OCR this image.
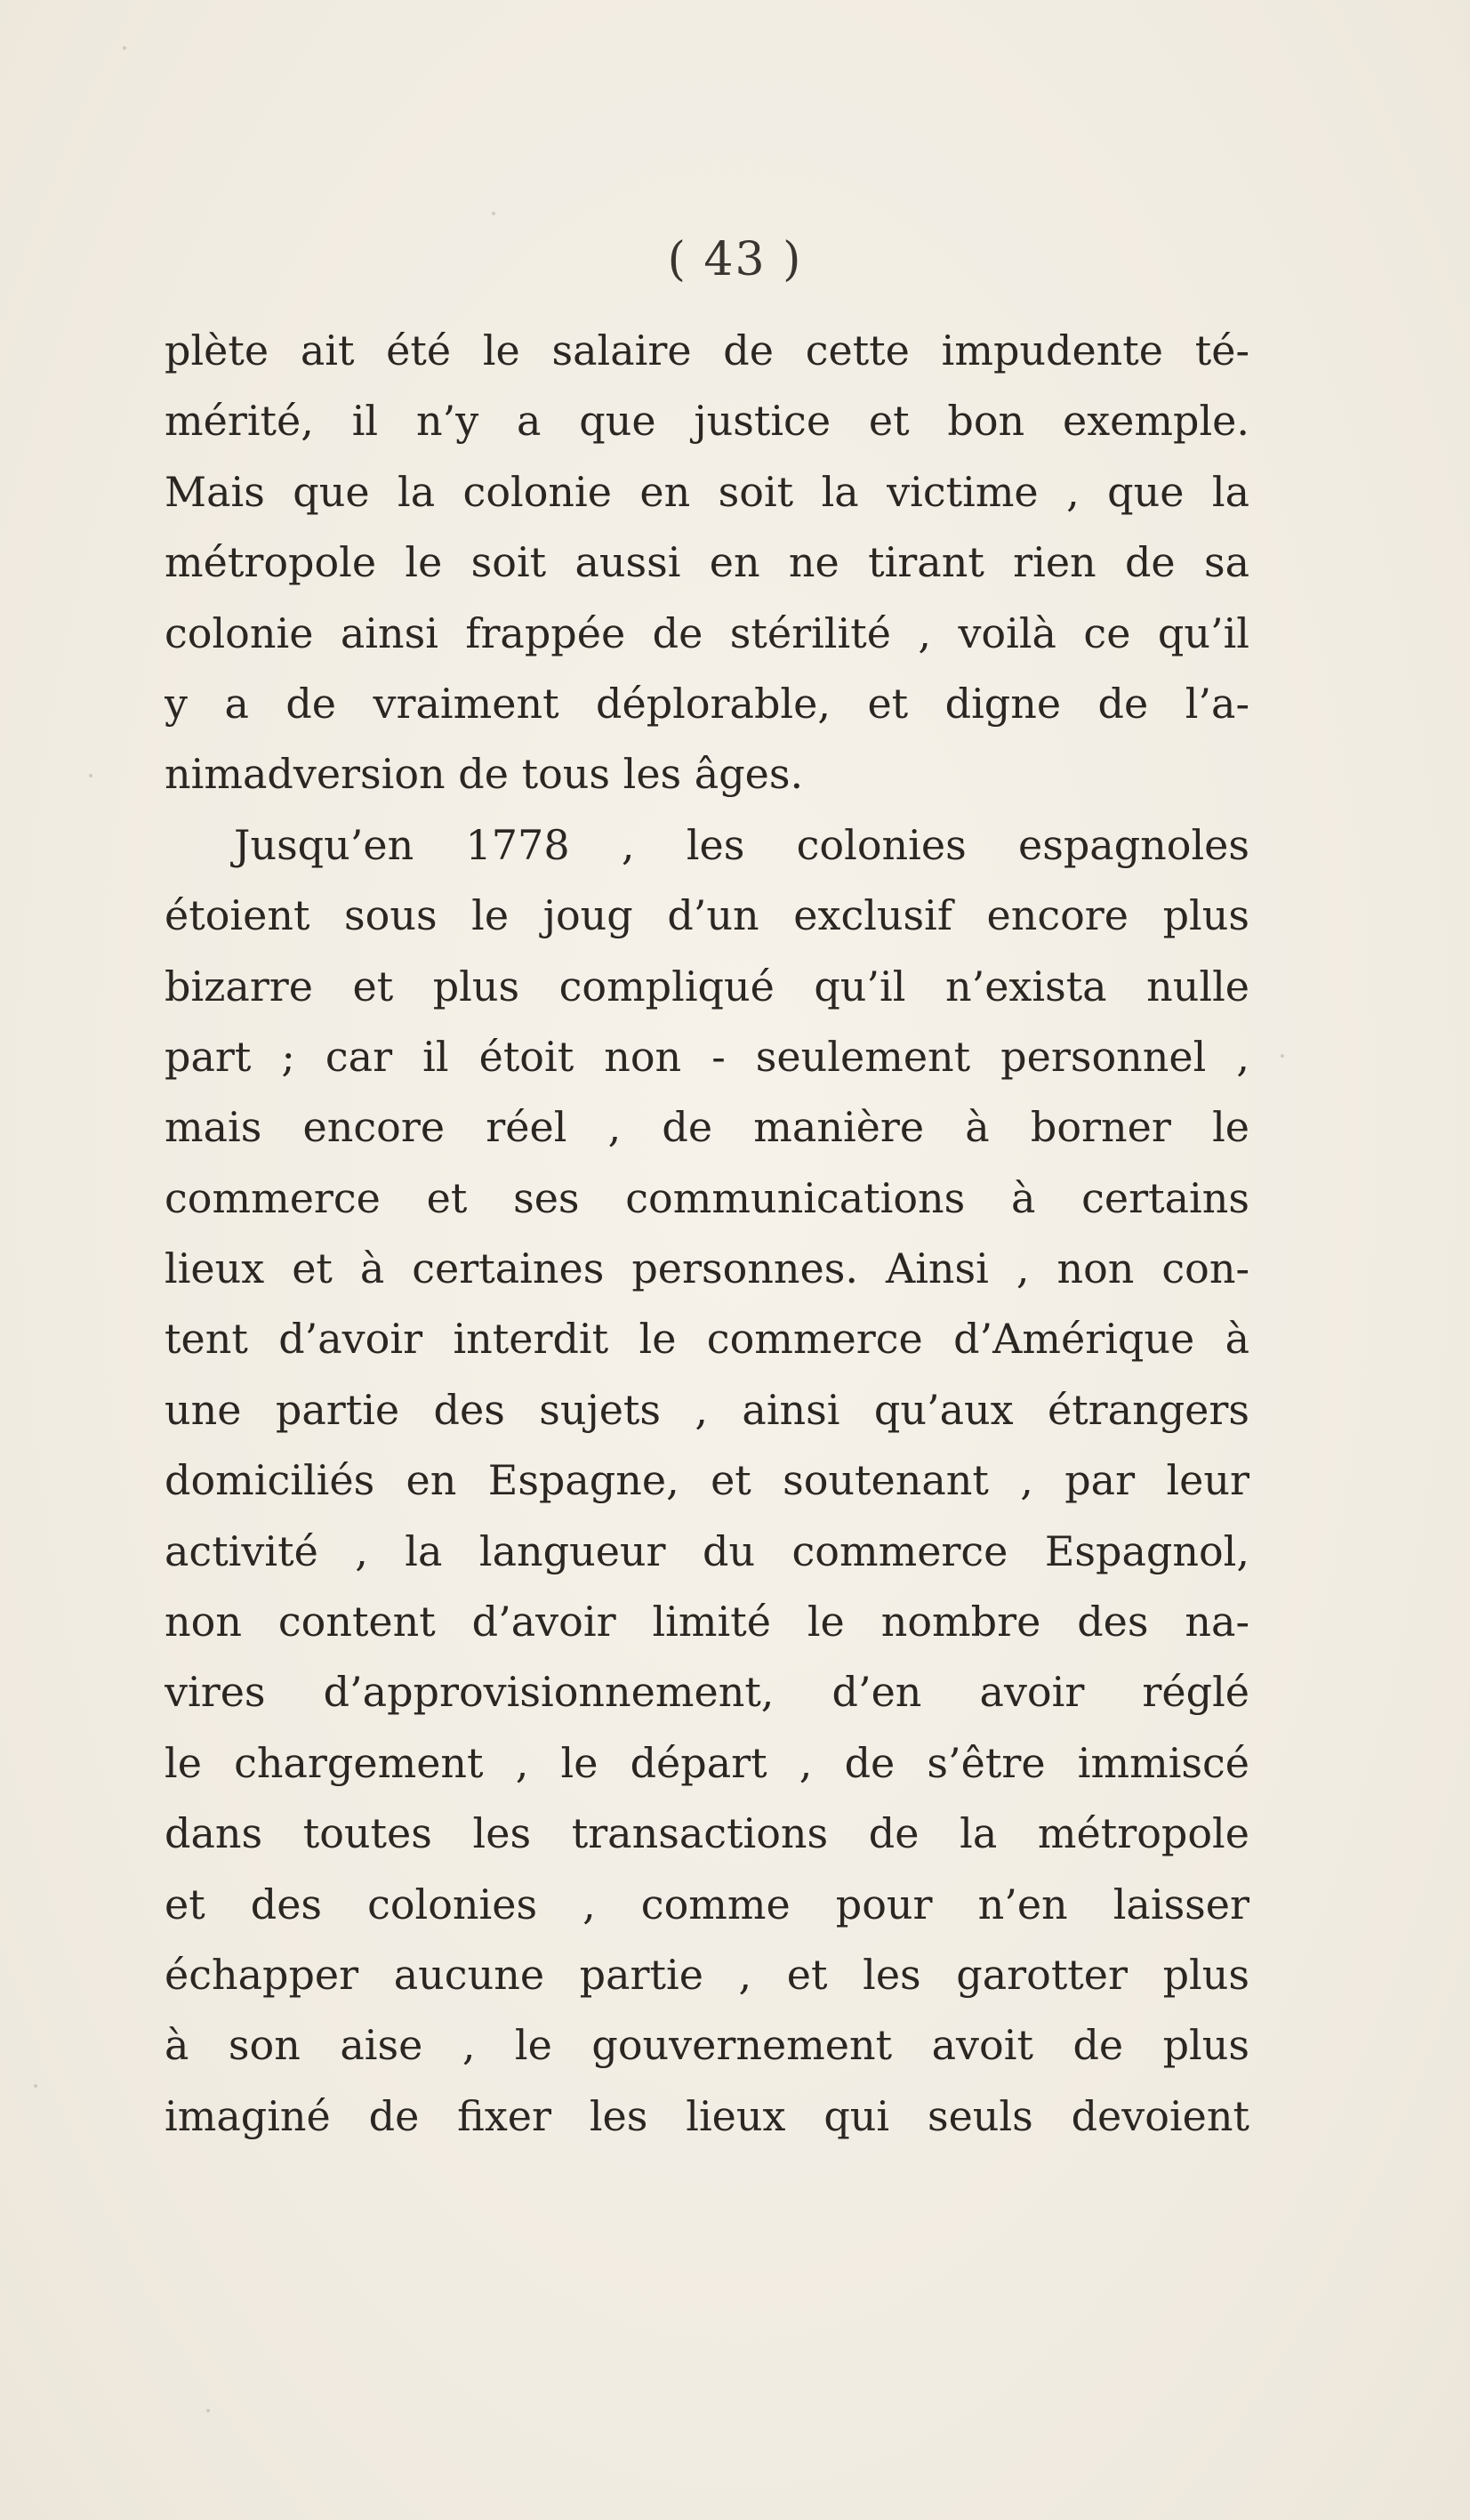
( 43 )
plète ait été le salaire de cette impudente té-
mérité, il n’y a que justice et bon exemple.
Mais que la colonie en soit la victime , que la
métropole le soit aussi en ne tirant rien de sa
colonie ainsi frappée de stérilité , voilà ce qu’il
y a de vraiment déplorable, et digne de l’a-
nimadversion de tous les âges.
Jusqu’en 1778 , les colonies espagnoles
étoient sous le joug d’un exclusif encore plus
bizarre et plus compliqué qu’il n’exista nulle
part ; car il étoit non - seulement personnel ,
mais encore réel , de manière à borner le
commerce et ses communications à certains
lieux et à certaines personnes. Ainsi , non con-
tent d’avoir interdit le commerce d’Amérique à
une partie des sujets , ainsi qu’aux étrangers
domiciliés en Espagne, et soutenant , par leur
activité , la langueur du commerce Espagnol,
non content d’avoir limité le nombre des na-
vires d’approvisionnement, d’en avoir réglé
le chargement , le départ , de s’être immiscé
dans toutes les transactions de la métropole
et des colonies , comme pour n’en laisser
échapper aucune partie , et les garotter plus
à son aise , le gouvernement avoit de plus
imaginé de fixer les lieux qui seuls devoient
